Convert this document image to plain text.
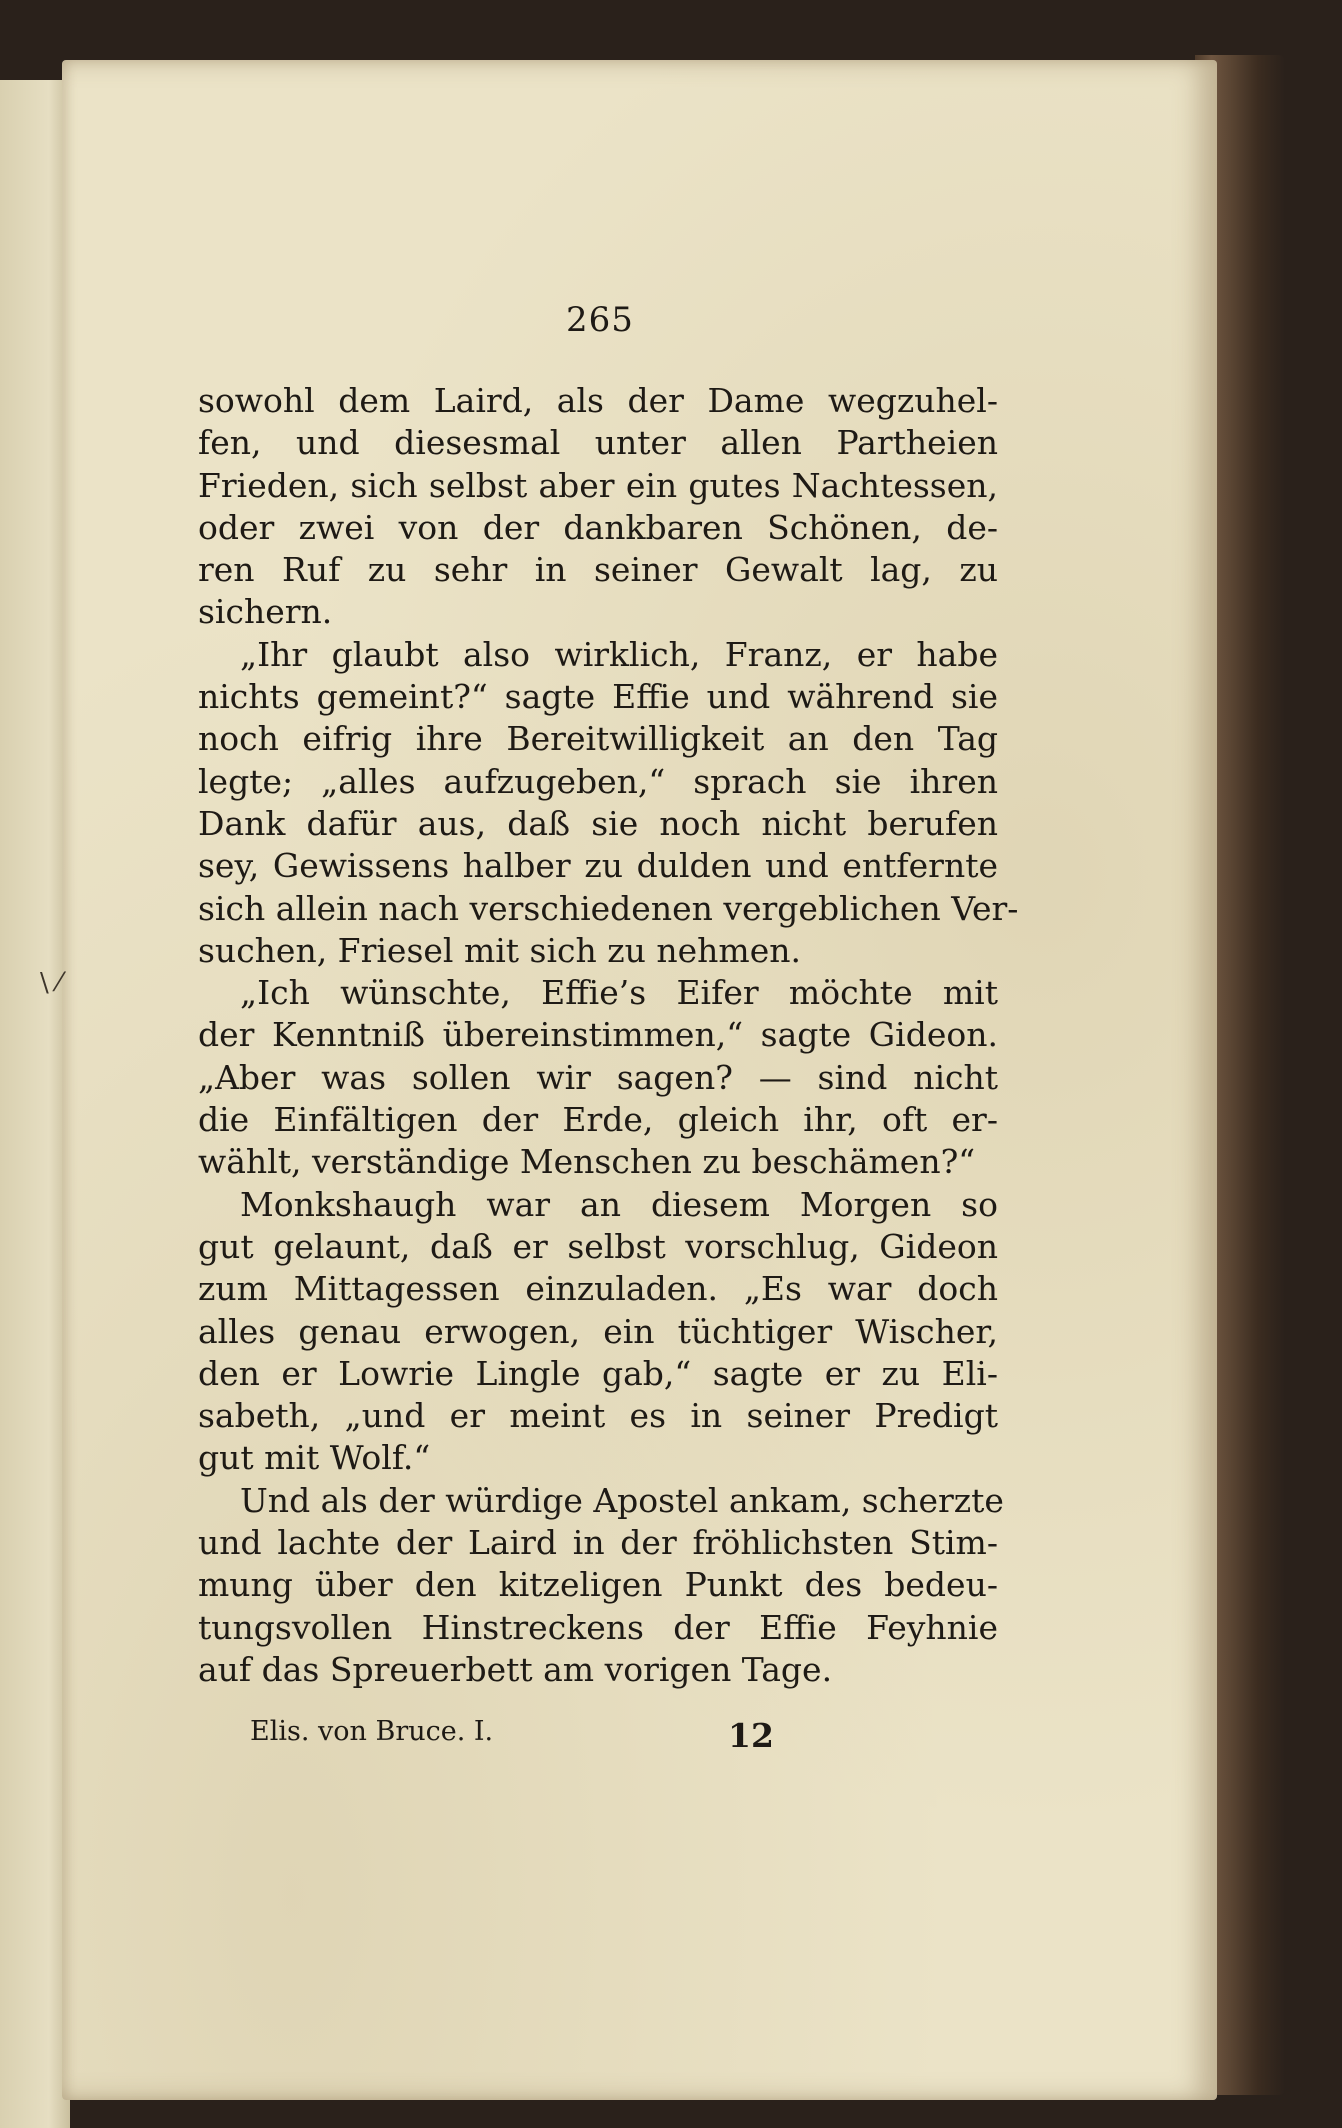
265
sowohl dem Laird, als der Dame wegzuhel-
fen, und diesesmal unter allen Partheien
Frieden, sich selbst aber ein gutes Nachtessen,
oder zwei von der dankbaren Schönen, de-
ren Ruf zu sehr in seiner Gewalt lag, zu
sichern.
„Ihr glaubt also wirklich, Franz, er habe
nichts gemeint?“ sagte Effie und während sie
noch eifrig ihre Bereitwilligkeit an den Tag
legte; „alles aufzugeben,“ sprach sie ihren
Dank dafür aus, daß sie noch nicht berufen
sey, Gewissens halber zu dulden und entfernte
sich allein nach verschiedenen vergeblichen Ver-
suchen, Friesel mit sich zu nehmen.
„Ich wünschte, Effie’s Eifer möchte mit
der Kenntniß übereinstimmen,“ sagte Gideon.
„Aber was sollen wir sagen? — sind nicht
die Einfältigen der Erde, gleich ihr, oft er-
wählt, verständige Menschen zu beschämen?“
Monkshaugh war an diesem Morgen so
gut gelaunt, daß er selbst vorschlug, Gideon
zum Mittagessen einzuladen. „Es war doch
alles genau erwogen, ein tüchtiger Wischer,
den er Lowrie Lingle gab,“ sagte er zu Eli-
sabeth, „und er meint es in seiner Predigt
gut mit Wolf.“
Und als der würdige Apostel ankam, scherzte
und lachte der Laird in der fröhlichsten Stim-
mung über den kitzeligen Punkt des bedeu-
tungsvollen Hinstreckens der Effie Feyhnie
auf das Spreuerbett am vorigen Tage.
Elis. von Bruce. I.	12
\ ⁄
